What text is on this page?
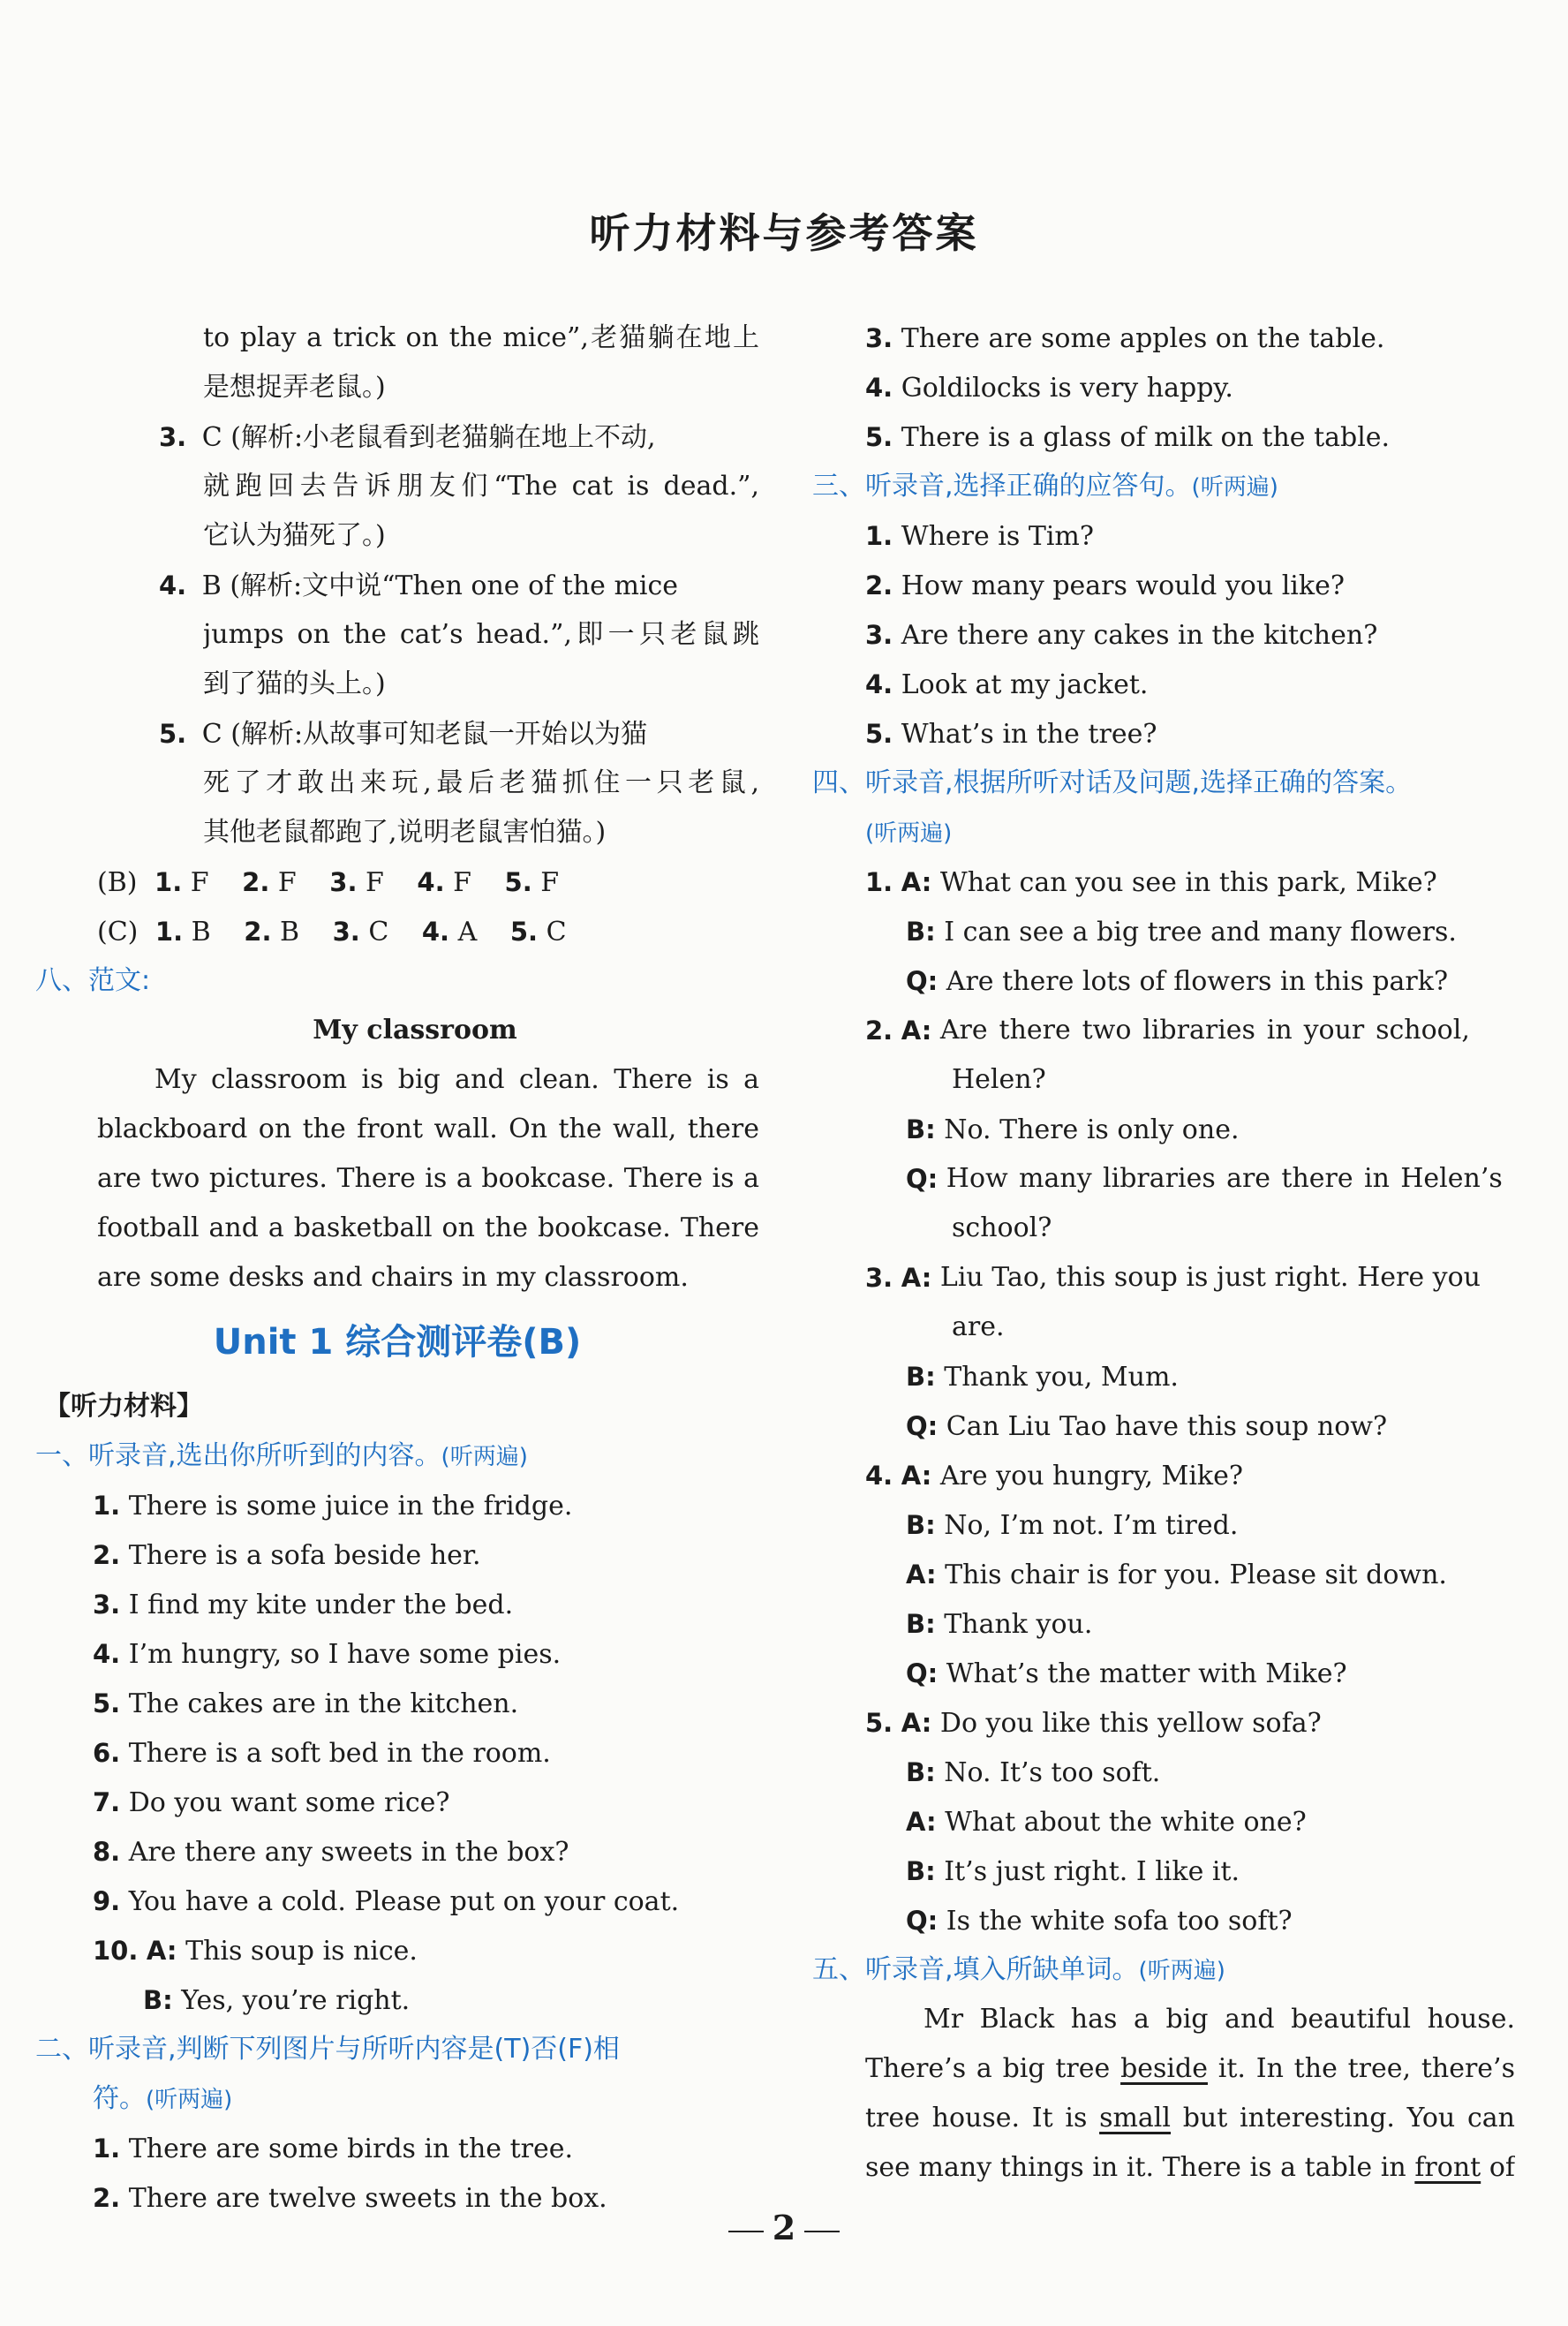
听力材料与参考答案
to play a trick on the mice”,老猫躺在地上
是想捉弄老鼠。)
3. C (解析:小老鼠看到老猫躺在地上不动,
就跑回去告诉朋友们“The cat is dead.”,
它认为猫死了。)
4. B (解析:文中说“Then one of the mice
jumps on the cat’s head.”,即一只老鼠跳
到了猫的头上。)
5. C (解析:从故事可知老鼠一开始以为猫
死了才敢出来玩,最后老猫抓住一只老鼠,
其他老鼠都跑了,说明老鼠害怕猫。)
(B) 1. F 2. F 3. F 4. F 5. F
(C) 1. B 2. B 3. C 4. A 5. C
八、范文:
My classroom
My classroom is big and clean. There is a
blackboard on the front wall. On the wall, there
are two pictures. There is a bookcase. There is a
football and a basketball on the bookcase. There
are some desks and chairs in my classroom.
Unit 1 综合测评卷(B)
【听力材料】
一、听录音,选出你所听到的内容。(听两遍)
1. There is some juice in the fridge.
2. There is a sofa beside her.
3. I find my kite under the bed.
4. I’m hungry, so I have some pies.
5. The cakes are in the kitchen.
6. There is a soft bed in the room.
7. Do you want some rice?
8. Are there any sweets in the box?
9. You have a cold. Please put on your coat.
10. A: This soup is nice.
B: Yes, you’re right.
二、听录音,判断下列图片与所听内容是(T)否(F)相
符。(听两遍)
1. There are some birds in the tree.
2. There are twelve sweets in the box.
3. There are some apples on the table.
4. Goldilocks is very happy.
5. There is a glass of milk on the table.
三、听录音,选择正确的应答句。(听两遍)
1. Where is Tim?
2. How many pears would you like?
3. Are there any cakes in the kitchen?
4. Look at my jacket.
5. What’s in the tree?
四、听录音,根据所听对话及问题,选择正确的答案。
(听两遍)
1. A: What can you see in this park, Mike?
B: I can see a big tree and many flowers.
Q: Are there lots of flowers in this park?
2. A: Are there two libraries in your school,
Helen?
B: No. There is only one.
Q: How many libraries are there in Helen’s
school?
3. A: Liu Tao, this soup is just right. Here you
are.
B: Thank you, Mum.
Q: Can Liu Tao have this soup now?
4. A: Are you hungry, Mike?
B: No, I’m not. I’m tired.
A: This chair is for you. Please sit down.
B: Thank you.
Q: What’s the matter with Mike?
5. A: Do you like this yellow sofa?
B: No. It’s too soft.
A: What about the white one?
B: It’s just right. I like it.
Q: Is the white sofa too soft?
五、听录音,填入所缺单词。(听两遍)
Mr Black has a big and beautiful house.
There’s a big tree beside it. In the tree, there’s
tree house. It is small but interesting. You can
see many things in it. There is a table in front of
2
